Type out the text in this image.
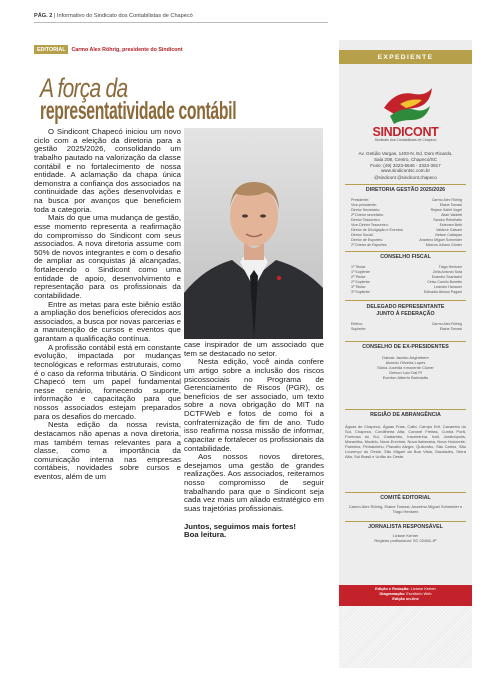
PÁG. 2 | Informativo do Sindicato dos Contabilistas de Chapecó
EDITORIAL	Carmo Alex Röhrig, presidente do Sindicont
A força da
representatividade contábil

O Sindicont Chapecó iniciou um novo ciclo com a eleição da diretoria para a gestão 2025/2026, consolidando um trabalho pautado na valorização da classe contábil e no fortalecimento de nossa entidade. A aclamação da chapa única demonstra a confiança dos associados na continuidade das ações desenvolvidas e na busca por avanços que beneficiem toda a categoria.

Mais do que uma mudança de gestão, esse momento representa a reafirmação do compromisso do Sindicont com seus associados. A nova diretoria assume com 50% de novos integrantes e com o desafio de ampliar as conquistas já alcançadas, fortalecendo o Sindicont como uma entidade de apoio, desenvolvimento e representação para os profissionais da contabilidade.

Entre as metas para este biênio estão a ampliação dos benefícios oferecidos aos associados, a busca por novas parcerias e a manutenção de cursos e eventos que garantam a qualificação contínua.

A profissão contábil está em constante evolução, impactada por mudanças tecnológicas e reformas estruturais, como é o caso da reforma tributária. O Sindicont Chapecó tem um papel fundamental nesse cenário, fornecendo suporte, informação e capacitação para que nossos associados estejam preparados para os desafios do mercado.

Nesta edição da nossa revista, destacamos não apenas a nova diretoria, mas também temas relevantes para a classe, como a importância da comunicação interna nas empresas contábeis, novidades sobre cursos e eventos, além de um

case inspirador de um associado que tem se destacado no setor.

Nesta edição, você ainda confere um artigo sobre a inclusão dos riscos psicossociais no Programa de Gerenciamento de Riscos (PGR), os benefícios de ser associado, um texto sobre a nova obrigação do MIT na DCTFWeb e fotos de como foi a confraternização de fim de ano. Tudo isso reafirma nossa missão de informar, capacitar e fortalecer os profissionais da contabilidade.

Aos nossos novos diretores, desejamos uma gestão de grandes realizações. Aos associados, reiteramos nosso compromisso de seguir trabalhando para que o Sindicont seja cada vez mais um aliado estratégico em suas trajetórias profissionais.

Juntos, seguimos mais fortes!

Boa leitura.

EXPEDIENTE
SINDICONT
Sindicato dos Contabilistas de Chapecó
Av. Getúlio Vargas, 1403-N, Ed. Dom Ricardo,
Sala 208, Centro, Chapecó/SC
Fone: (49) 3323-5646 - 3323-3817
www.sindicontsc.com.br
@sindicont @sindicont.chapeco
DIRETORIA GESTÃO 2025/2026
Presidente:	Carmo Alex Röhrig
Vice-presidente:	Elaine Tomasi
Diretor Secretário:	Rejane Sallet Vogel
2º Diretor secretário:	Altair Valdetti
Diretor Tesoureiro:	Sandro Rebellatto
Vice-Diretor Tesoureiro:	Estevam Beth
Diretor de Divulgação e Eventos:	Valdecir Galvani
Diretor Social:	Nelson Cattapan
Diretor de Esportes:	Anselmo Miguel Schneider
2º Diretor de Esportes:	Marcos Juliano Günter
CONSELHO FISCAL
1º Titular:	Tiago Hentzen
1º Suplente:	Zelia Antonio Sota
2º Titular:	Evandro Scartazini
2º Suplente:	Celso Camilo Bonetto
3º Titular:	Leandro Hanauer
3º Suplente:	Edivaldo Afonso Pagani
DELEGADO REPRESENTANTE
JUNTO À FEDERAÇÃO
Efetivo:	Carmo Alex Röhrig
Suplente:	Elaine Tomasi
CONSELHO DE EX-PRESIDENTES
Dalvair Jacinto Anghebem
Alcindo Oliveira Lopes
Sônia Jucelda Innocente Cluner
Gelson Luiz Dal Pi
Everton Alberto Bortolotto
REGIÃO DE ABRANGÊNCIA
Águas de Chapecó, Águas Frias, Caibi, Campo Erê, Caxambu do Sul, Chapecó, Cordilheira Alta, Coronel Freitas, Cunha Porã, Formosa do Sul, Guatambu, Iraceminha, Irati, Jardinópolis, Maravilha, Modelo, Nova Erechim, Nova Itaberaba, Nova Horizonte, Palmitos, Pinhalzinho, Planalto Alegre, Quilombo, São Carlos, São Lourenço do Oeste, São Miguel da Boa Vista, Saudades, Serra Alta, Sul Brasil e União do Oeste.
COMITÊ EDITORIAL
Carmo Alex Röhrig, Elaine Tomasi, Anselmo Miguel Schneider e Tiago Hentzen
JORNALISTA RESPONSÁVEL
Liziane Kerber
Registro profissional: SC 02408-JP
Edição e Redação: Liziane Kerber
Diagramação: Escritório Web
Edição on-line
